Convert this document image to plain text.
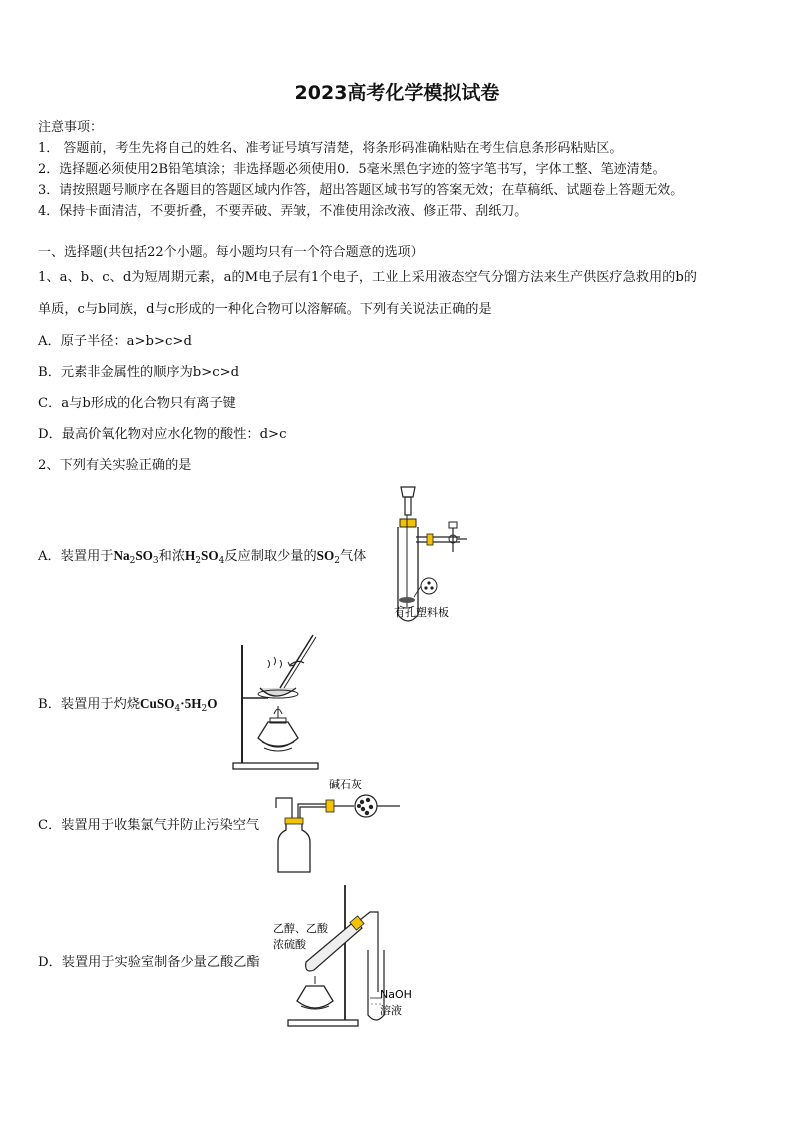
2023高考化学模拟试卷
注意事项：
1． 答题前，考生先将自己的姓名、准考证号填写清楚，将条形码准确粘贴在考生信息条形码粘贴区。
2．选择题必须使用2B铅笔填涂；非选择题必须使用0．5毫米黑色字迹的签字笔书写，字体工整、笔迹清楚。
3．请按照题号顺序在各题目的答题区域内作答，超出答题区域书写的答案无效；在草稿纸、试题卷上答题无效。
4．保持卡面清洁，不要折叠，不要弄破、弄皱，不准使用涂改液、修正带、刮纸刀。
一、选择题(共包括22个小题。每小题均只有一个符合题意的选项）
1、a、b、c、d为短周期元素，a的M电子层有1个电子，工业上采用液态空气分馏方法来生产供医疗急救用的b的
单质，c与b同族，d与c形成的一种化合物可以溶解硫。下列有关说法正确的是
A．原子半径：a>b>c>d
B．元素非金属性的顺序为b>c>d
C．a与b形成的化合物只有离子键
D．最高价氧化物对应水化物的酸性：d>c
2、下列有关实验正确的是
A．装置用于$Na_2SO_3$和浓$H_2SO_4$反应制取少量的$SO_2$气体
有孔塑料板
B．装置用于灼烧$CuSO_4\cdot 5H_2O$
C．装置用于收集氯气并防止污染空气
碱石灰
D．装置用于实验室制备少量乙酸乙酯
乙醇、乙酸
浓硫酸
NaOH
溶液
